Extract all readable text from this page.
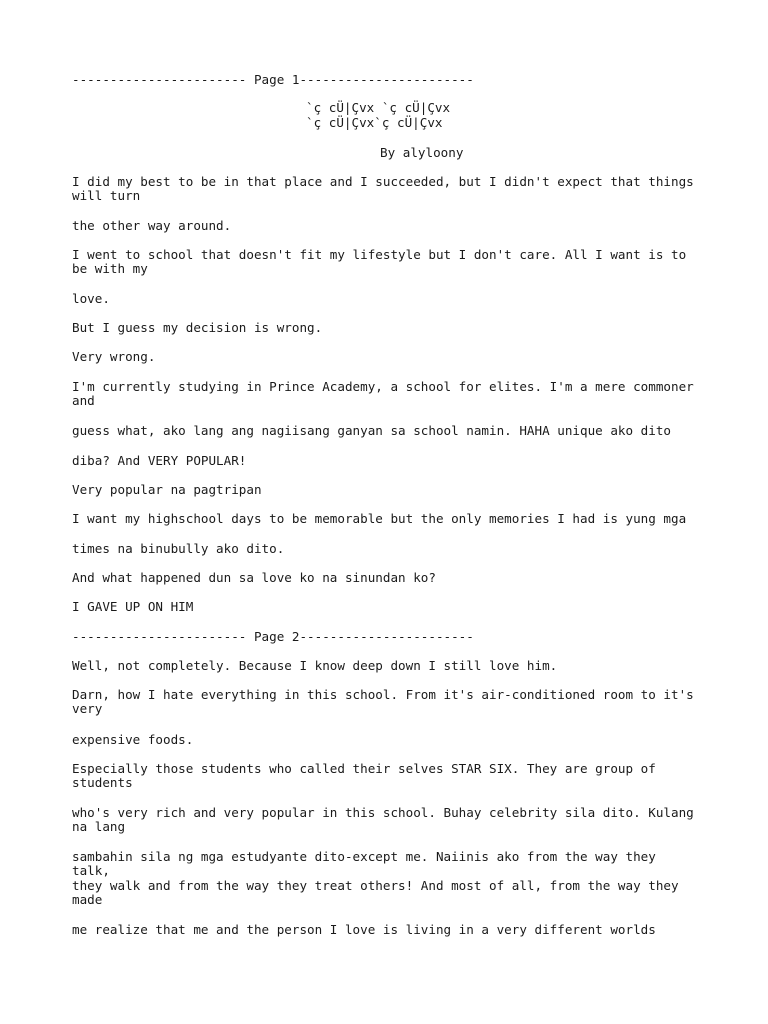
----------------------- Page 1-----------------------

`ç cÜ|Çvx `ç cÜ|Çvx

`ç cÜ|Çvx`ç cÜ|Çvx

By alyloony

I did my best to be in that place and I succeeded, but I didn't expect that things will turn

the other way around.

I went to school that doesn't fit my lifestyle but I don't care. All I want is to be with my

love.

But I guess my decision is wrong.

Very wrong.

I'm currently studying in Prince Academy, a school for elites. I'm a mere commoner and

guess what, ako lang ang nagiisang ganyan sa school namin. HAHA unique ako dito

diba? And VERY POPULAR!

Very popular na pagtripan

I want my highschool days to be memorable but the only memories I had is yung mga

times na binubully ako dito.

And what happened dun sa love ko na sinundan ko?

I GAVE UP ON HIM

----------------------- Page 2-----------------------

Well, not completely. Because I know deep down I still love him.

Darn, how I hate everything in this school. From it's air-conditioned room to it's very

expensive foods.

Especially those students who called their selves STAR SIX. They are group of students

who's very rich and very popular in this school. Buhay celebrity sila dito. Kulang na lang

sambahin sila ng mga estudyante dito-except me. Naiinis ako from the way they talk,

they walk and from the way they treat others! And most of all, from the way they made

me realize that me and the person I love is living in a very different worlds
